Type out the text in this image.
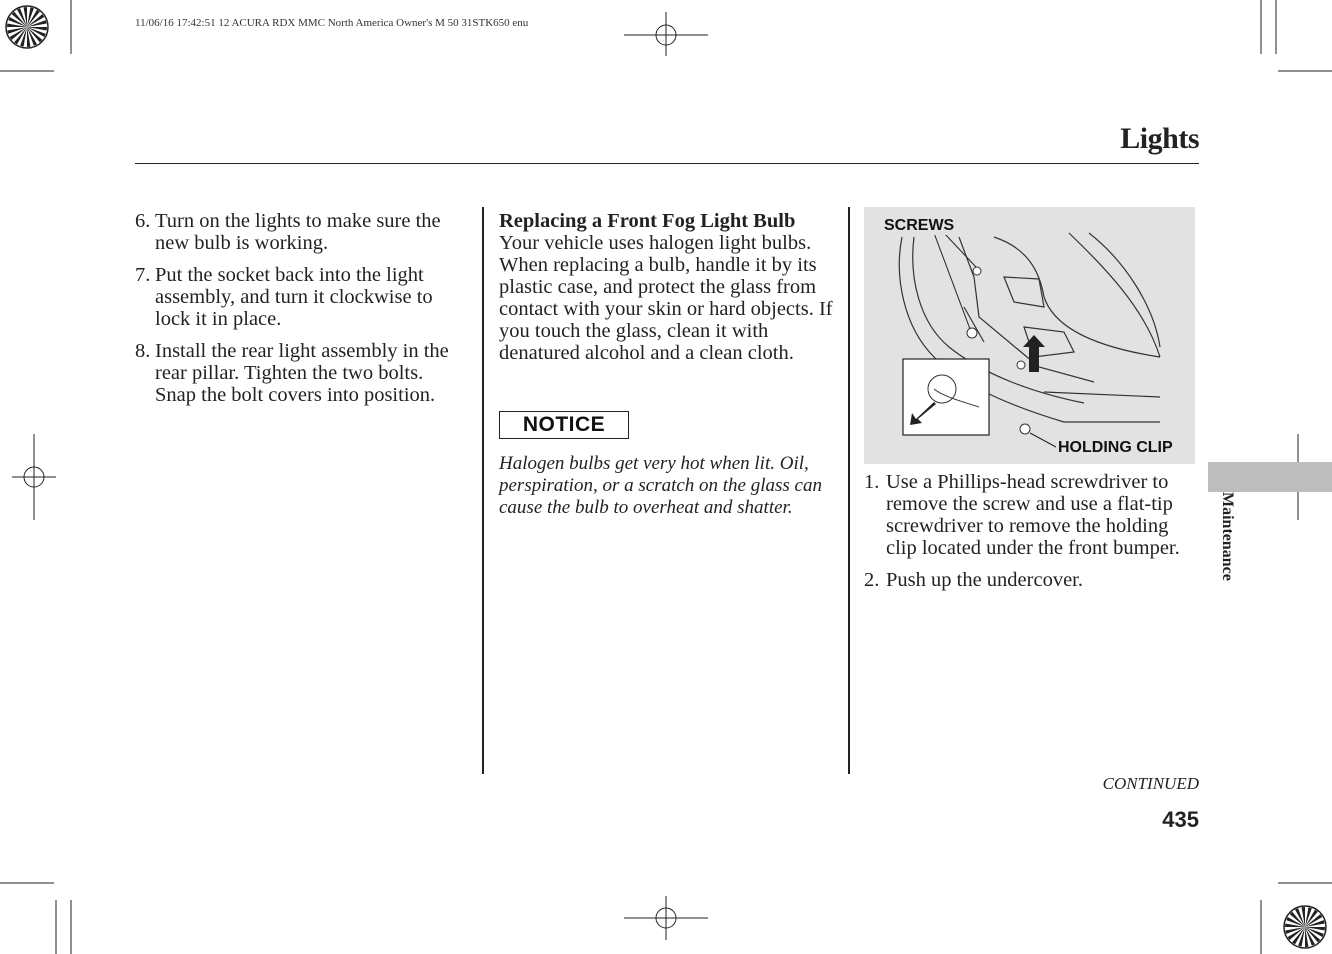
11/06/16 17:42:51 12 ACURA RDX MMC North America Owner's M 50 31STK650 enu
Lights
6. Turn on the lights to make sure the new bulb is working.
7. Put the socket back into the light assembly, and turn it clockwise to lock it in place.
8. Install the rear light assembly in the rear pillar. Tighten the two bolts. Snap the bolt covers into position.
Replacing a Front Fog Light Bulb
Your vehicle uses halogen light bulbs. When replacing a bulb, handle it by its plastic case, and protect the glass from contact with your skin or hard objects. If you touch the glass, clean it with denatured alcohol and a clean cloth.
NOTICE
Halogen bulbs get very hot when lit. Oil, perspiration, or a scratch on the glass can cause the bulb to overheat and shatter.
SCREWS
HOLDING CLIP
1. Use a Phillips-head screwdriver to remove the screw and use a flat-tip screwdriver to remove the holding clip located under the front bumper.
2. Push up the undercover.	Maintenance
CONTINUED
435
